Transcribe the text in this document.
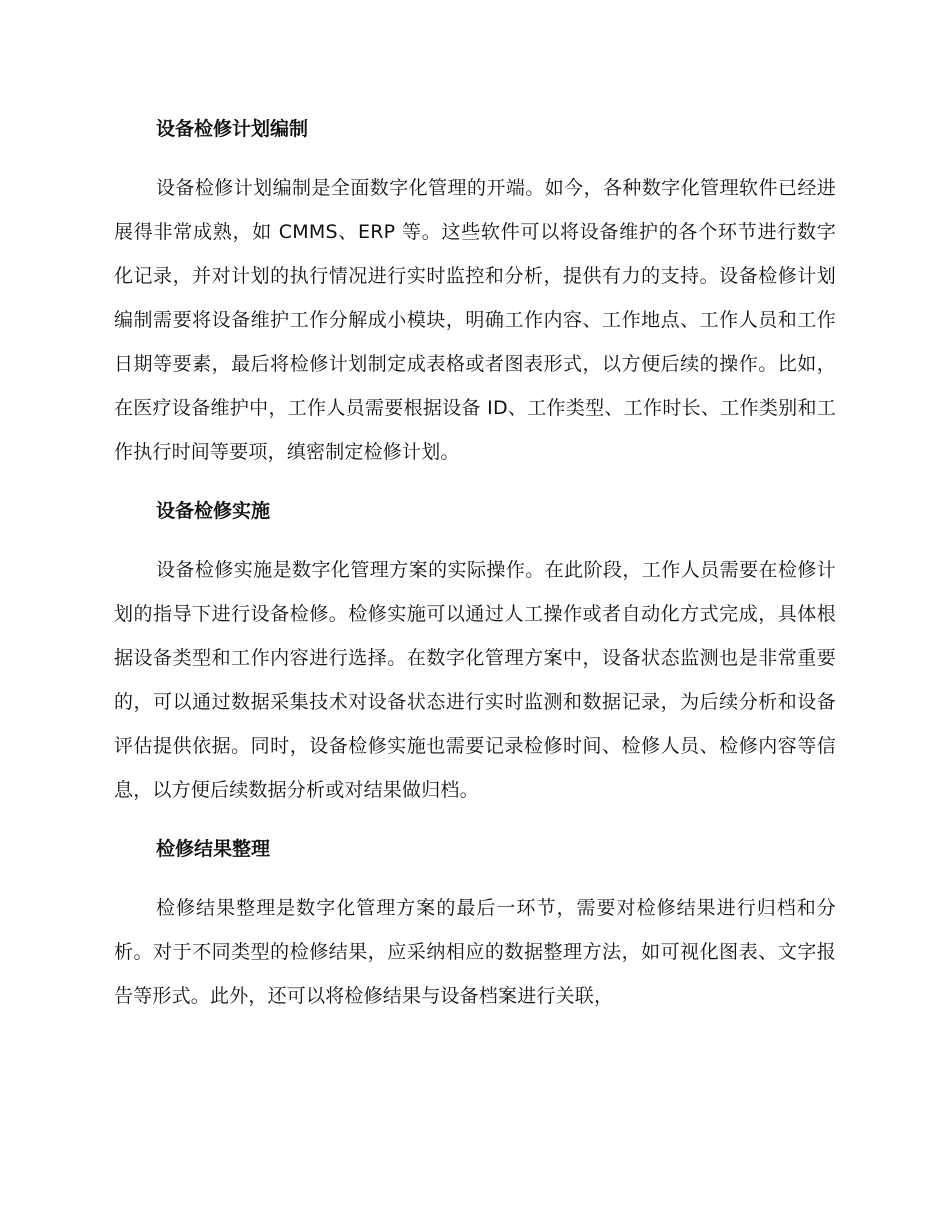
设备检修计划编制

设备检修计划编制是全面数字化管理的开端。如今，各种数字化管理软件已经进展得非常成熟，如 CMMS、ERP 等。这些软件可以将设备维护的各个环节进行数字化记录，并对计划的执行情况进行实时监控和分析，提供有力的支持。设备检修计划编制需要将设备维护工作分解成小模块，明确工作内容、工作地点、工作人员和工作日期等要素，最后将检修计划制定成表格或者图表形式，以方便后续的操作。比如，在医疗设备维护中，工作人员需要根据设备 ID、工作类型、工作时长、工作类别和工作执行时间等要项，缜密制定检修计划。

设备检修实施

设备检修实施是数字化管理方案的实际操作。在此阶段，工作人员需要在检修计划的指导下进行设备检修。检修实施可以通过人工操作或者自动化方式完成，具体根据设备类型和工作内容进行选择。在数字化管理方案中，设备状态监测也是非常重要的，可以通过数据采集技术对设备状态进行实时监测和数据记录，为后续分析和设备评估提供依据。同时，设备检修实施也需要记录检修时间、检修人员、检修内容等信息，以方便后续数据分析或对结果做归档。

检修结果整理

检修结果整理是数字化管理方案的最后一环节，需要对检修结果进行归档和分析。对于不同类型的检修结果，应采纳相应的数据整理方法，如可视化图表、文字报告等形式。此外，还可以将检修结果与设备档案进行关联，
